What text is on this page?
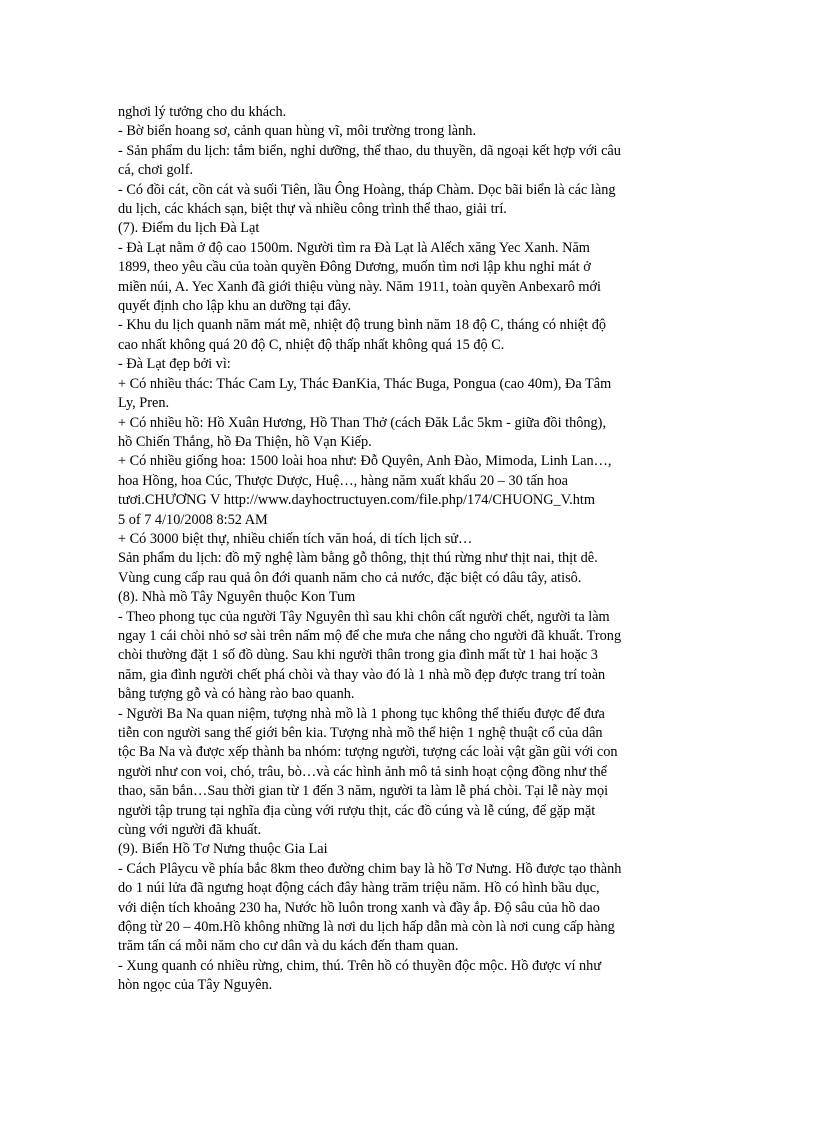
nghơi lý tưởng cho du khách.
- Bờ biển hoang sơ, cảnh quan hùng vĩ, môi trường trong lành.
- Sản phẩm du lịch: tắm biển, nghỉ dưỡng, thể thao, du thuyền, dã ngoại kết hợp với câu
cá, chơi golf.
- Có đồi cát, cồn cát và suối Tiên, lầu Ông Hoàng, tháp Chàm. Dọc bãi biển là các làng
du lịch, các khách sạn, biệt thự và nhiều công trình thể thao, giải trí.
(7). Điểm du lịch Đà Lạt
- Đà Lạt nằm ở độ cao 1500m. Người tìm ra Đà Lạt là Alếch xăng Yec Xanh. Năm
1899, theo yêu cầu của toàn quyền Đông Dương, muốn tìm nơi lập khu nghỉ mát ở
miền núi, A. Yec Xanh đã giới thiệu vùng này. Năm 1911, toàn quyền Anbexarô mới
quyết định cho lập khu an dưỡng tại đây.
- Khu du lịch quanh năm mát mẽ, nhiệt độ trung bình năm 18 độ C, tháng có nhiệt độ
cao nhất không quá 20 độ C, nhiệt độ thấp nhất không quá 15 độ C.
- Đà Lạt đẹp bởi vì:
+ Có nhiều thác: Thác Cam Ly, Thác ĐanKia, Thác Buga, Pongua (cao 40m), Đa Tâm
Ly, Pren.
+ Có nhiều hồ: Hồ Xuân Hương, Hồ Than Thở (cách Đăk Lắc 5km - giữa đồi thông),
hồ Chiến Thắng, hồ Đa Thiện, hồ Vạn Kiếp.
+ Có nhiều giống hoa: 1500 loài hoa như: Đỗ Quyên, Anh Đào, Mimoda, Linh Lan…,
hoa Hồng, hoa Cúc, Thược Dược, Huệ…, hàng năm xuất khẩu 20 – 30 tấn hoa
tươi.CHƯƠNG V http://www.dayhoctructuyen.com/file.php/174/CHUONG_V.htm
5 of 7 4/10/2008 8:52 AM
+ Có 3000 biệt thự, nhiều chiến tích văn hoá, di tích lịch sử…
Sản phẩm du lịch: đồ mỹ nghệ làm bằng gỗ thông, thịt thú rừng như thịt nai, thịt dê.
Vùng cung cấp rau quả ôn đới quanh năm cho cả nước, đặc biệt có dâu tây, atisô.
(8). Nhà mồ Tây Nguyên thuộc Kon Tum
- Theo phong tục của người Tây Nguyên thì sau khi chôn cất người chết, người ta làm
ngay 1 cái chòi nhỏ sơ sài trên nấm mộ để che mưa che nắng cho người đã khuất. Trong
chòi thường đặt 1 số đồ dùng. Sau khi người thân trong gia đình mất từ 1 hai hoặc 3
năm, gia đình người chết phá chòi và thay vào đó là 1 nhà mồ đẹp được trang trí toàn
bằng tượng gỗ và có hàng rào bao quanh.
- Người Ba Na quan niệm, tượng nhà mồ là 1 phong tục không thể thiếu được để đưa
tiễn con người sang thế giới bên kia. Tượng nhà mồ thể hiện 1 nghệ thuật cổ của dân
tộc Ba Na và được xếp thành ba nhóm: tượng người, tượng các loài vật gần gũi với con
người như con voi, chó, trâu, bò…và các hình ảnh mô tả sinh hoạt cộng đồng như thể
thao, săn bắn…Sau thời gian từ 1 đến 3 năm, người ta làm lễ phá chòi. Tại lễ này mọi
người tập trung tại nghĩa địa cùng với rượu thịt, các đồ cúng và lễ cúng, để gặp mặt
cùng với người đã khuất.
(9). Biển Hồ Tơ Nưng thuộc Gia Lai
- Cách Plâycu về phía bắc 8km theo đường chim bay là hồ Tơ Nưng. Hồ được tạo thành
do 1 núi lửa đã ngưng hoạt động cách đây hàng trăm triệu năm. Hồ có hình bầu dục,
với diện tích khoảng 230 ha, Nước hồ luôn trong xanh và đầy ắp. Độ sâu của hồ dao
động từ 20 – 40m.Hồ không những là nơi du lịch hấp dẫn mà còn là nơi cung cấp hàng
trăm tấn cá mỗi năm cho cư dân và du kách đến tham quan.
- Xung quanh có nhiều rừng, chim, thú. Trên hồ có thuyền độc mộc. Hồ được ví như
hòn ngọc của Tây Nguyên.
